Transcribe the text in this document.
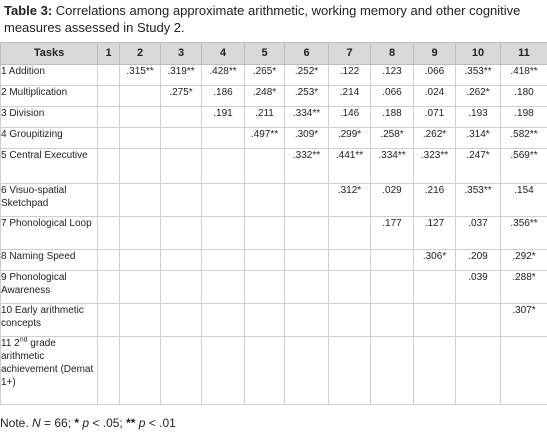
Table 3: Correlations among approximate arithmetic, working memory and other cognitive measures assessed in Study 2.
Tasks	1	2	3	4	5	6	7	8	9	10	11
1 Addition		.315**	.319**	.428**	.265*	.252*	.122	.123	.066	.353**	.418**
2 Multiplication			.275*	.186	.248*	.253*	.214	.066	.024	.262*	.180
3 Division				.191	.211	.334**	.146	.188	.071	.193	.198
4 Groupitizing					.497**	.309*	.299*	.258*	.262*	.314*	.582**
5 Central Executive						.332**	.441**	.334**	.323**	.247*	.569**
6 Visuo-spatial Sketchpad							.312*	.029	.216	.353**	.154
7 Phonological Loop								.177	.127	.037	.356**
8 Naming Speed									.306*	.209	.292*
9 Phonological Awareness										.039	.288*
10 Early arithmetic concepts											.307*
11 2nd grade arithmetic achievement (Demat 1+)											
Note. N = 66; * p < .05; ** p < .01
